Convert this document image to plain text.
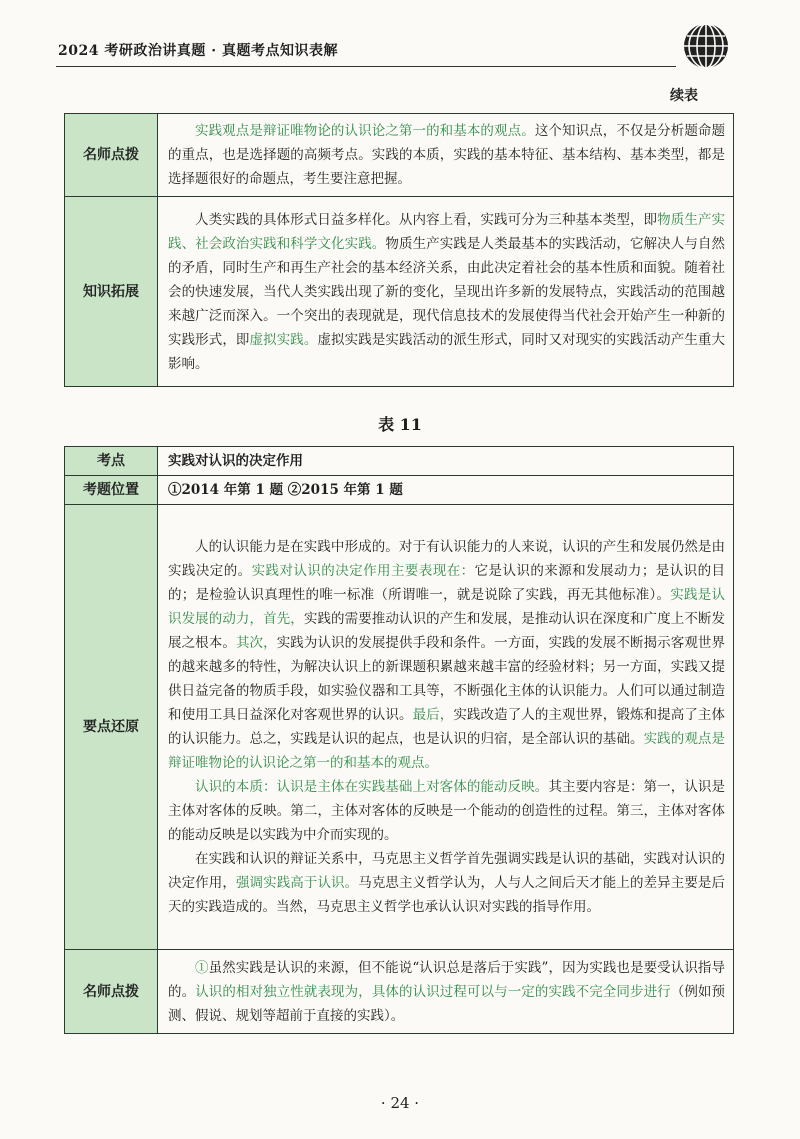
2024 考研政治讲真题 · 真题考点知识表解
续表
名师点拨	实践观点是辩证唯物论的认识论之第一的和基本的观点。这个知识点，不仅是分析题命题的重点，也是选择题的高频考点。实践的本质，实践的基本特征、基本结构、基本类型，都是选择题很好的命题点，考生要注意把握。

知识拓展	人类实践的具体形式日益多样化。从内容上看，实践可分为三种基本类型，即物质生产实践、社会政治实践和科学文化实践。物质生产实践是人类最基本的实践活动，它解决人与自然的矛盾，同时生产和再生产社会的基本经济关系，由此决定着社会的基本性质和面貌。随着社会的快速发展，当代人类实践出现了新的变化，呈现出许多新的发展特点，实践活动的范围越来越广泛而深入。一个突出的表现就是，现代信息技术的发展使得当代社会开始产生一种新的实践形式，即虚拟实践。虚拟实践是实践活动的派生形式，同时又对现实的实践活动产生重大影响。

表 11
考点	实践对认识的决定作用
考题位置	①2014 年第 1 题 ②2015 年第 1 题
要点还原	人的认识能力是在实践中形成的。对于有认识能力的人来说，认识的产生和发展仍然是由实践决定的。实践对认识的决定作用主要表现在：它是认识的来源和发展动力；是认识的目的；是检验认识真理性的唯一标准（所谓唯一，就是说除了实践，再无其他标准）。实践是认识发展的动力，首先，实践的需要推动认识的产生和发展，是推动认识在深度和广度上不断发展之根本。其次，实践为认识的发展提供手段和条件。一方面，实践的发展不断揭示客观世界的越来越多的特性，为解决认识上的新课题积累越来越丰富的经验材料；另一方面，实践又提供日益完备的物质手段，如实验仪器和工具等，不断强化主体的认识能力。人们可以通过制造和使用工具日益深化对客观世界的认识。最后，实践改造了人的主观世界，锻炼和提高了主体的认识能力。总之，实践是认识的起点，也是认识的归宿，是全部认识的基础。实践的观点是辩证唯物论的认识论之第一的和基本的观点。

认识的本质：认识是主体在实践基础上对客体的能动反映。其主要内容是：第一，认识是主体对客体的反映。第二，主体对客体的反映是一个能动的创造性的过程。第三，主体对客体的能动反映是以实践为中介而实现的。

在实践和认识的辩证关系中，马克思主义哲学首先强调实践是认识的基础，实践对认识的决定作用，强调实践高于认识。马克思主义哲学认为，人与人之间后天才能上的差异主要是后天的实践造成的。当然，马克思主义哲学也承认认识对实践的指导作用。

名师点拨	①虽然实践是认识的来源，但不能说“认识总是落后于实践”，因为实践也是要受认识指导的。认识的相对独立性就表现为，具体的认识过程可以与一定的实践不完全同步进行（例如预测、假说、规划等超前于直接的实践）。

· 24 ·
